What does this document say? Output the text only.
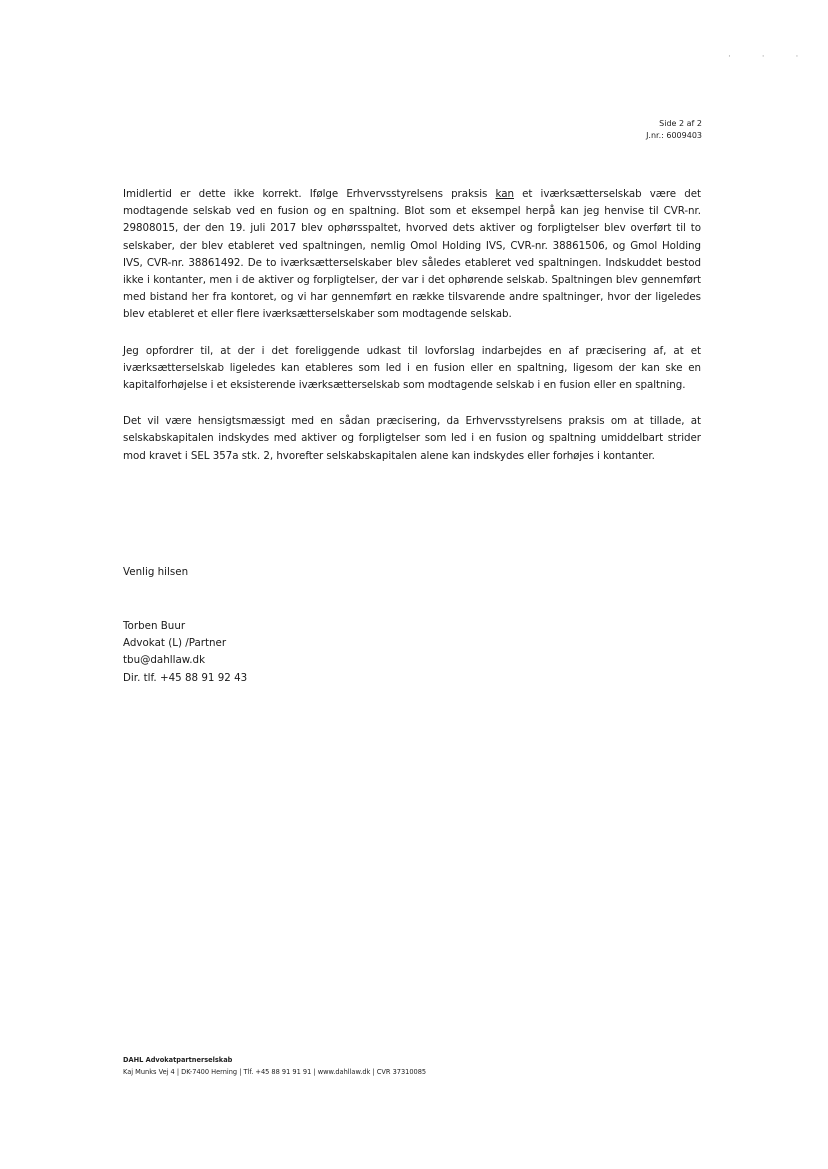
· · ·
Side 2 af 2
J.nr.: 6009403

Imidlertid er dette ikke korrekt. Ifølge Erhvervsstyrelsens praksis kan et iværksætterselskab være det modtagende selskab ved en fusion og en spaltning. Blot som et eksempel herpå kan jeg henvise til CVR-nr. 29808015, der den 19. juli 2017 blev ophørsspaltet, hvorved dets aktiver og forpligtelser blev overført til to selskaber, der blev etableret ved spaltningen, nemlig Omol Holding IVS, CVR-nr. 38861506, og Gmol Holding IVS, CVR-nr. 38861492. De to iværksætterselskaber blev således etableret ved spaltningen. Indskuddet bestod ikke i kontanter, men i de aktiver og forpligtelser, der var i det ophørende selskab. Spaltningen blev gennemført med bistand her fra kontoret, og vi har gennemført en række tilsvarende andre spaltninger, hvor der ligeledes blev etableret et eller flere iværksætterselskaber som modtagende selskab.

Jeg opfordrer til, at der i det foreliggende udkast til lovforslag indarbejdes en af præcisering af, at et iværksætterselskab ligeledes kan etableres som led i en fusion eller en spaltning, ligesom der kan ske en kapitalforhøjelse i et eksisterende iværksætterselskab som modtagende selskab i en fusion eller en spaltning.

Det vil være hensigtsmæssigt med en sådan præcisering, da Erhvervsstyrelsens praksis om at tillade, at selskabskapitalen indskydes med aktiver og forpligtelser som led i en fusion og spaltning umiddelbart strider mod kravet i SEL 357a stk. 2, hvorefter selskabskapitalen alene kan indskydes eller forhøjes i kontanter.

Venlig hilsen
Torben Buur
Advokat (L) /Partner
tbu@dahllaw.dk
Dir. tlf. +45 88 91 92 43
DAHL Advokatpartnerselskab
Kaj Munks Vej 4 | DK-7400 Herning | Tlf. +45 88 91 91 91 | www.dahllaw.dk | CVR 37310085
